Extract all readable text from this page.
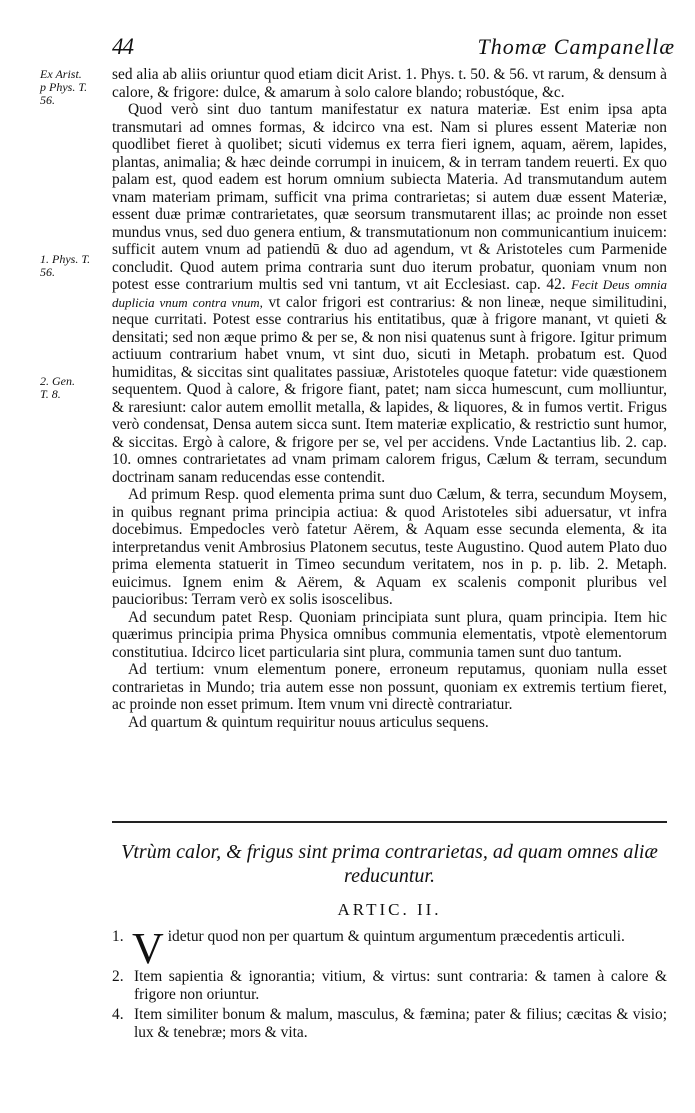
44	Thomæ Campanellæ
Ex Arist.
p Phys. T.
56.
1. Phys. T.
56.
2. Gen.
T. 8.

sed alia ab aliis oriuntur quod etiam dicit Arist. 1. Phys. t. 50. & 56. vt rarum, & densum à calore, & frigore: dulce, & amarum à solo calore blando; robustóque, &c.

Quod verò sint duo tantum manifestatur ex natura materiæ. Est enim ipsa apta transmutari ad omnes formas, & idcirco vna est. Nam si plures essent Materiæ non quodlibet fieret à quolibet; sicuti videmus ex terra fieri ignem, aquam, aërem, lapides, plantas, animalia; & hæc deinde corrumpi in inuicem, & in terram tandem reuerti. Ex quo palam est, quod eadem est horum omnium subiecta Materia. Ad transmutandum autem vnam materiam primam, sufficit vna prima contrarietas; si autem duæ essent Materiæ, essent duæ primæ contrarietates, quæ seorsum transmutarent illas; ac proinde non esset mundus vnus, sed duo genera entium, & transmutationum non communicantium inuicem: sufficit autem vnum ad patiendū & duo ad agendum, vt & Aristoteles cum Parmenide concludit. Quod autem prima contraria sunt duo iterum probatur, quoniam vnum non potest esse contrarium multis sed vni tantum, vt ait Ecclesiast. cap. 42. Fecit Deus omnia duplicia vnum contra vnum, vt calor frigori est contrarius: & non lineæ, neque similitudini, neque curritati. Potest esse contrarius his entitatibus, quæ à frigore manant, vt quieti & densitati; sed non æque primo & per se, & non nisi quatenus sunt à frigore. Igitur primum actiuum contrarium habet vnum, vt sint duo, sicuti in Metaph. probatum est. Quod humiditas, & siccitas sint qualitates passiuæ, Aristoteles quoque fatetur: vide quæstionem sequentem. Quod à calore, & frigore fiant, patet; nam sicca humescunt, cum molliuntur, & raresiunt: calor autem emollit metalla, & lapides, & liquores, & in fumos vertit. Frigus verò condensat, Densa autem sicca sunt. Item materiæ explicatio, & restrictio sunt humor, & siccitas. Ergò à calore, & frigore per se, vel per accidens. Vnde Lactantius lib. 2. cap. 10. omnes contrarietates ad vnam primam calorem frigus, Cælum & terram, secundum doctrinam sanam reducendas esse contendit.

Ad primum Resp. quod elementa prima sunt duo Cælum, & terra, secundum Moysem, in quibus regnant prima principia actiua: & quod Aristoteles sibi aduersatur, vt infra docebimus. Empedocles verò fatetur Aërem, & Aquam esse secunda elementa, & ita interpretandus venit Ambrosius Platonem secutus, teste Augustino. Quod autem Plato duo prima elementa statuerit in Timeo secundum veritatem, nos in p. p. lib. 2. Metaph. euicimus. Ignem enim & Aërem, & Aquam ex scalenis componit pluribus vel paucioribus: Terram verò ex solis isoscelibus.

Ad secundum patet Resp. Quoniam principiata sunt plura, quam principia. Item hic quærimus principia prima Physica omnibus communia elementatis, vtpotè elementorum constitutiua. Idcirco licet particularia sint plura, communia tamen sunt duo tantum.

Ad tertium: vnum elementum ponere, erroneum reputamus, quoniam nulla esset contrarietas in Mundo; tria autem esse non possunt, quoniam ex extremis tertium fieret, ac proinde non esset primum. Item vnum vni directè contrariatur.

Ad quartum & quintum requiritur nouus articulus sequens.

Vtrùm calor, & frigus sint prima contrarietas, ad quam omnes aliæ reducuntur.
ARTIC. II.

1. V idetur quod non per quartum & quintum argumentum præcedentis articuli.

2. Item sapientia & ignorantia; vitium, & virtus: sunt contraria: & tamen à calore & frigore non oriuntur.

4. Item similiter bonum & malum, masculus, & fæmina; pater & filius; cæcitas & visio; lux & tenebræ; mors & vita.
